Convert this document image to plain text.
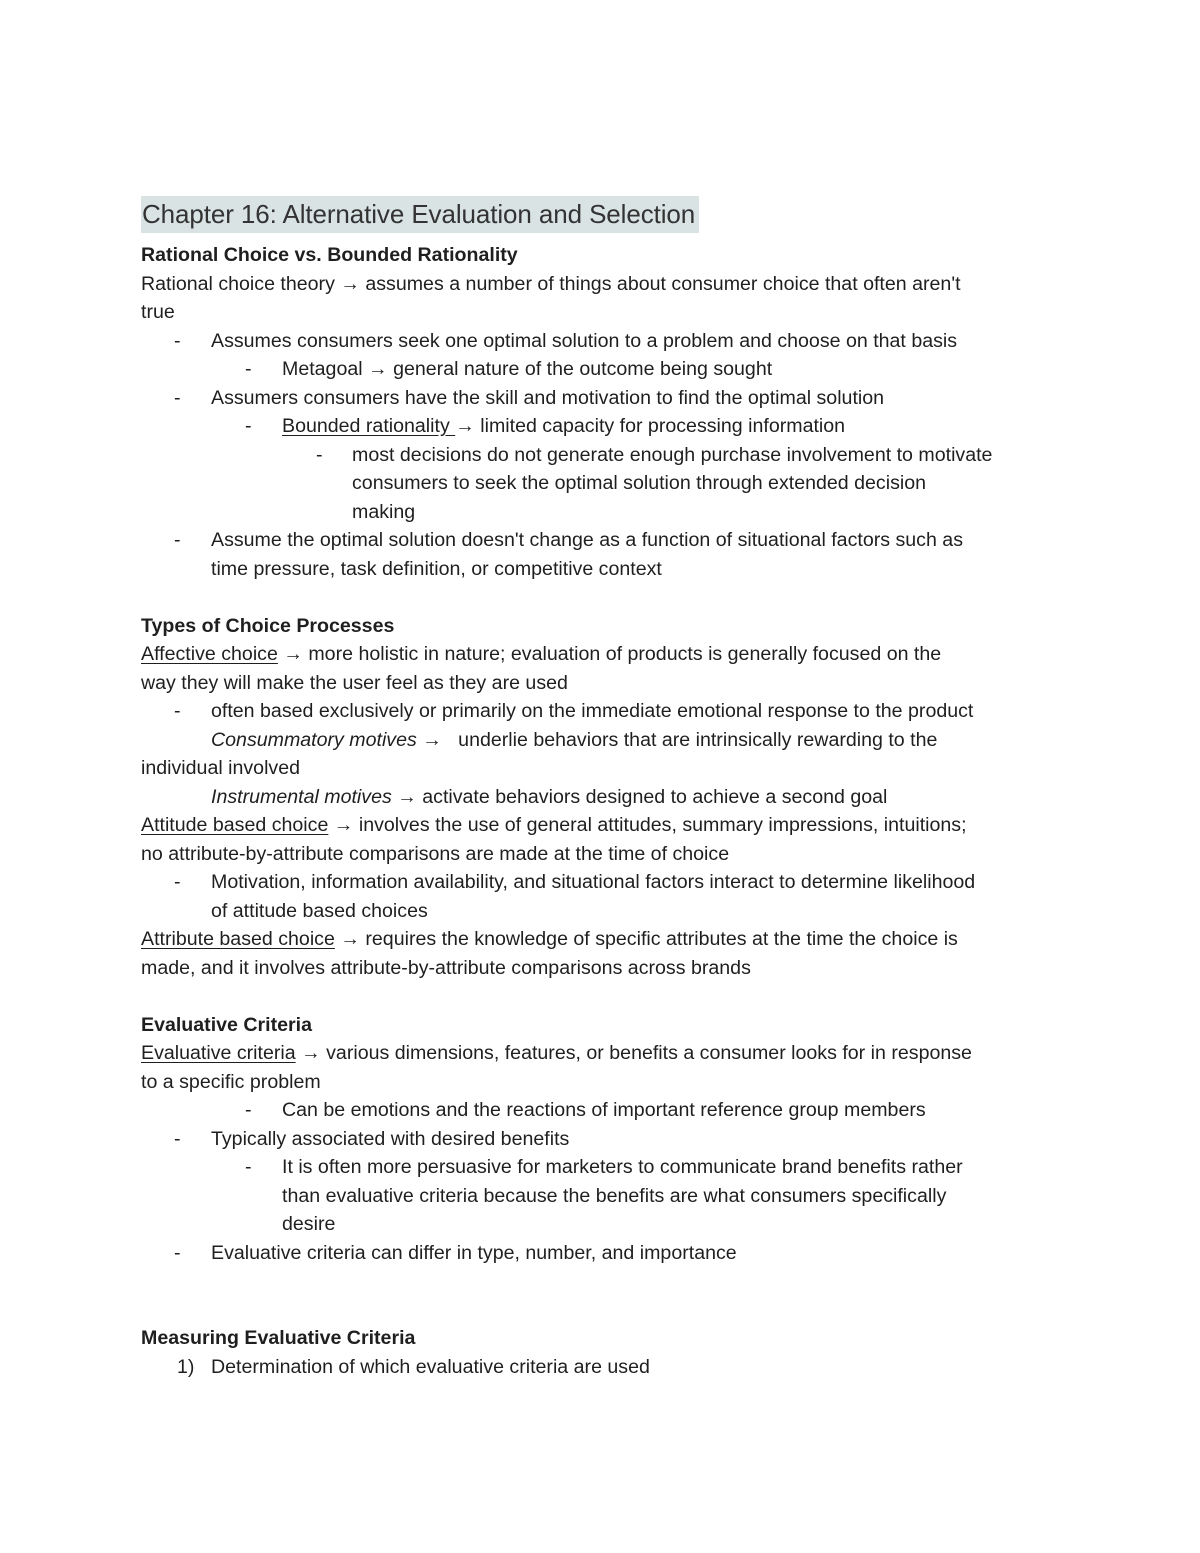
Chapter 16: Alternative Evaluation and Selection
Rational Choice vs. Bounded Rationality
Rational choice theory → assumes a number of things about consumer choice that often aren't
true
- Assumes consumers seek one optimal solution to a problem and choose on that basis
- Metagoal → general nature of the outcome being sought
- Assumers consumers have the skill and motivation to find the optimal solution
- Bounded rationality → limited capacity for processing information
- most decisions do not generate enough purchase involvement to motivate
consumers to seek the optimal solution through extended decision
making
- Assume the optimal solution doesn't change as a function of situational factors such as
time pressure, task definition, or competitive context
Types of Choice Processes
Affective choice → more holistic in nature; evaluation of products is generally focused on the
way they will make the user feel as they are used
- often based exclusively or primarily on the immediate emotional response to the product
Consummatory motives →   underlie behaviors that are intrinsically rewarding to the
individual involved
Instrumental motives → activate behaviors designed to achieve a second goal
Attitude based choice → involves the use of general attitudes, summary impressions, intuitions;
no attribute-by-attribute comparisons are made at the time of choice
- Motivation, information availability, and situational factors interact to determine likelihood
of attitude based choices
Attribute based choice → requires the knowledge of specific attributes at the time the choice is
made, and it involves attribute-by-attribute comparisons across brands
Evaluative Criteria
Evaluative criteria → various dimensions, features, or benefits a consumer looks for in response
to a specific problem
- Can be emotions and the reactions of important reference group members
- Typically associated with desired benefits
- It is often more persuasive for marketers to communicate brand benefits rather
than evaluative criteria because the benefits are what consumers specifically
desire
- Evaluative criteria can differ in type, number, and importance
Measuring Evaluative Criteria
1) Determination of which evaluative criteria are used
